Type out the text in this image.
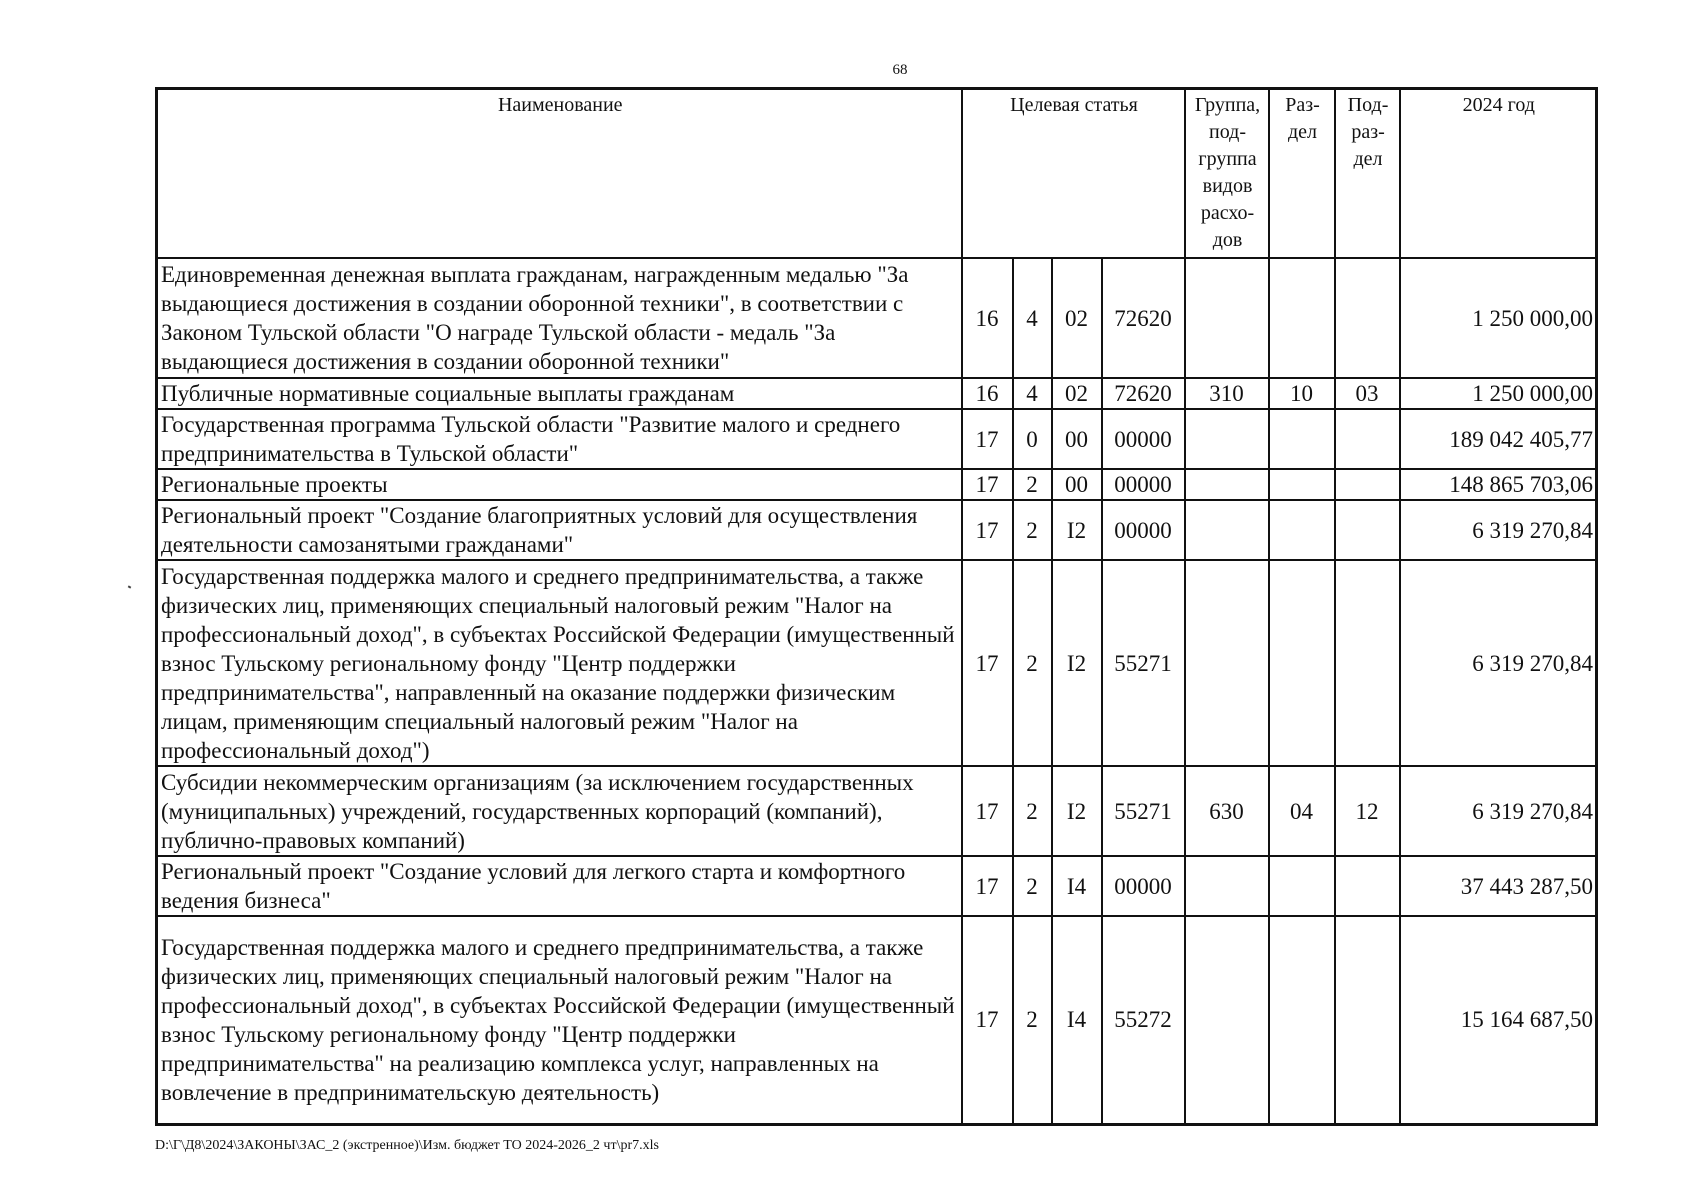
68
Наименование	Целевая статья				Группа, под-группа видов расхо-дов	Раз-дел	Под-раз-дел	2024 год
Единовременная денежная выплата гражданам, награжденным медалью "За выдающиеся достижения в создании оборонной техники", в соответствии с Законом Тульской области "О награде Тульской области - медаль "За выдающиеся достижения в создании оборонной техники"	16	4	02	72620				1 250 000,00
Публичные нормативные социальные выплаты гражданам	16	4	02	72620	310	10	03	1 250 000,00
Государственная программа Тульской области "Развитие малого и среднего предпринимательства в Тульской области"	17	0	00	00000				189 042 405,77
Региональные проекты	17	2	00	00000				148 865 703,06
Региональный проект "Создание благоприятных условий для осуществления деятельности самозанятыми гражданами"	17	2	I2	00000				6 319 270,84
Государственная поддержка малого и среднего предпринимательства, а также физических лиц, применяющих специальный налоговый режим "Налог на профессиональный доход", в субъектах Российской Федерации (имущественный взнос Тульскому региональному фонду "Центр поддержки предпринимательства", направленный на оказание поддержки физическим лицам, применяющим специальный налоговый режим "Налог на профессиональный доход")	17	2	I2	55271				6 319 270,84
Субсидии некоммерческим организациям (за исключением государственных (муниципальных) учреждений, государственных корпораций (компаний), публично-правовых компаний)	17	2	I2	55271	630	04	12	6 319 270,84
Региональный проект "Создание условий для легкого старта и комфортного ведения бизнеса"	17	2	I4	00000				37 443 287,50
Государственная поддержка малого и среднего предпринимательства, а также физических лиц, применяющих специальный налоговый режим "Налог на профессиональный доход", в субъектах Российской Федерации (имущественный взнос Тульскому региональному фонду "Центр поддержки предпринимательства" на реализацию комплекса услуг, направленных на вовлечение в предпринимательскую деятельность)	17	2	I4	55272				15 164 687,50
D:\Г\Д8\2024\ЗАКОНЫ\ЗАС_2 (экстренное)\Изм. бюджет ТО 2024-2026_2 чт\pr7.xls
